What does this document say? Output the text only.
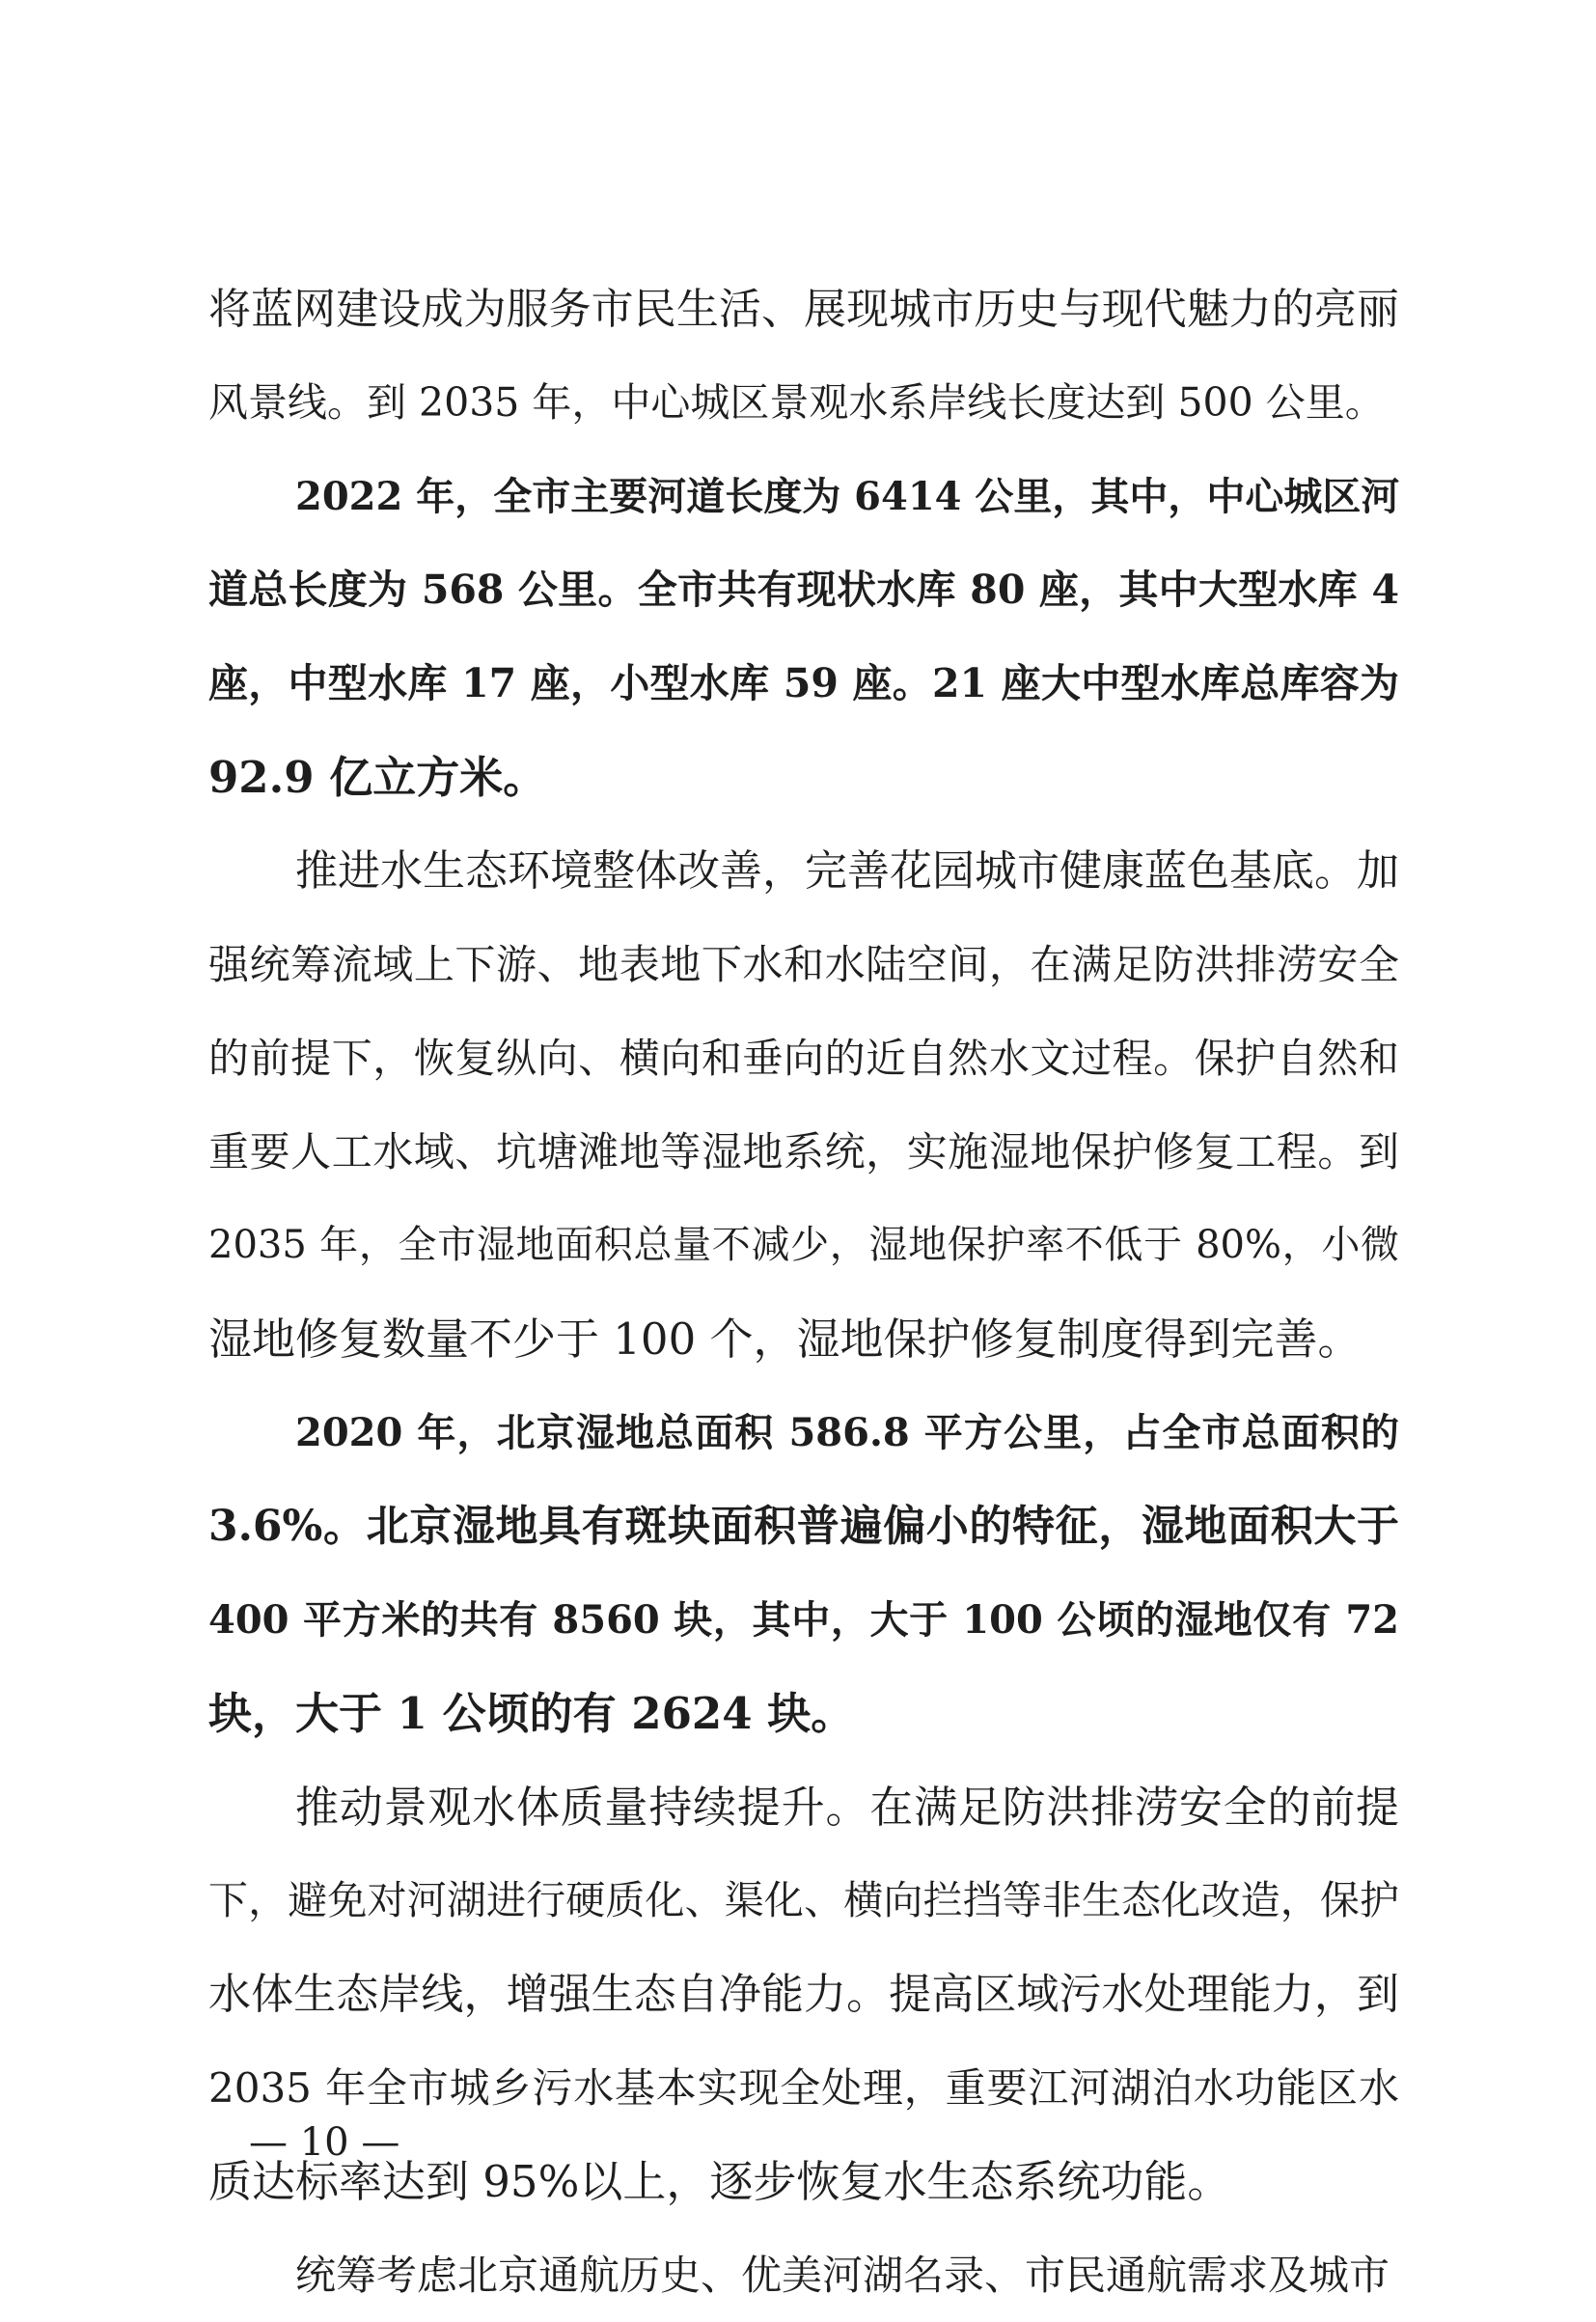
将蓝网建设成为服务市民生活、展现城市历史与现代魅力的亮丽
风景线。到 2035 年，中心城区景观水系岸线长度达到 500 公里。
2022 年，全市主要河道长度为 6414 公里，其中，中心城区河
道总长度为 568 公里。全市共有现状水库 80 座，其中大型水库 4
座，中型水库 17 座，小型水库 59 座。21 座大中型水库总库容为
92.9 亿立方米。
推进水生态环境整体改善，完善花园城市健康蓝色基底。加
强统筹流域上下游、地表地下水和水陆空间，在满足防洪排涝安全
的前提下，恢复纵向、横向和垂向的近自然水文过程。保护自然和
重要人工水域、坑塘滩地等湿地系统，实施湿地保护修复工程。到
2035 年，全市湿地面积总量不减少，湿地保护率不低于 80%，小微
湿地修复数量不少于 100 个，湿地保护修复制度得到完善。
2020 年，北京湿地总面积 586.8 平方公里，占全市总面积的
3.6%。北京湿地具有斑块面积普遍偏小的特征，湿地面积大于
400 平方米的共有 8560 块，其中，大于 100 公顷的湿地仅有 72
块，大于 1 公顷的有 2624 块。
推动景观水体质量持续提升。在满足防洪排涝安全的前提
下，避免对河湖进行硬质化、渠化、横向拦挡等非生态化改造，保护
水体生态岸线，增强生态自净能力。提高区域污水处理能力，到
2035 年全市城乡污水基本实现全处理，重要江河湖泊水功能区水
质达标率达到 95%以上，逐步恢复水生态系统功能。
统筹考虑北京通航历史、优美河湖名录、市民通航需求及城市
— 10 —
